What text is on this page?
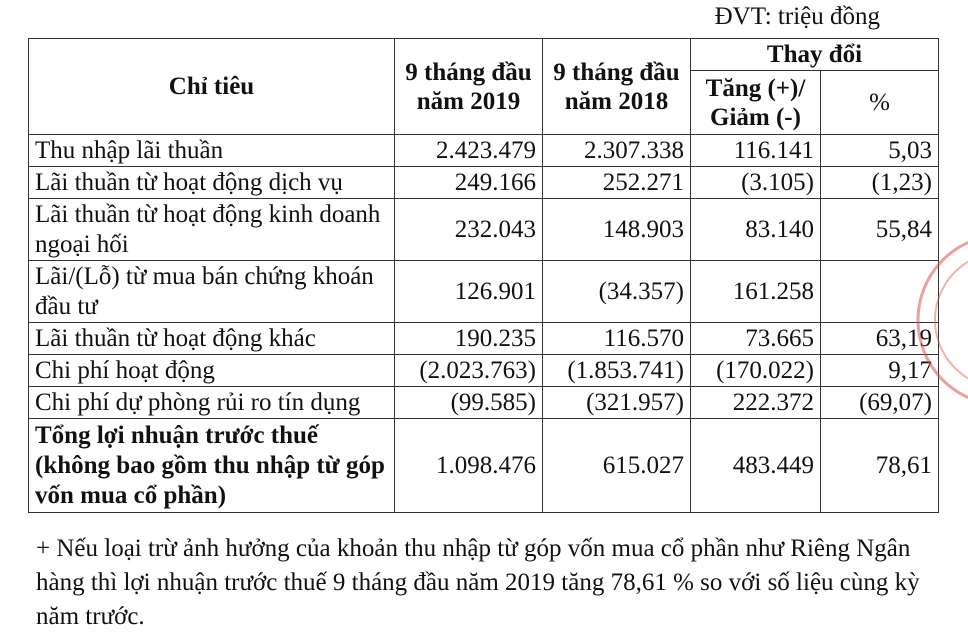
ĐVT: triệu đồng
Chỉ tiêu	9 tháng đầu năm 2019	9 tháng đầu năm 2018	Thay đổi	
			Tăng (+)/ Giảm (-)	%
Thu nhập lãi thuần	2.423.479	2.307.338	116.141	5,03
Lãi thuần từ hoạt động dịch vụ	249.166	252.271	(3.105)	(1,23)
Lãi thuần từ hoạt động kinh doanh ngoại hối	232.043	148.903	83.140	55,84
Lãi/(Lỗ) từ mua bán chứng khoán đầu tư	126.901	(34.357)	161.258	
Lãi thuần từ hoạt động khác	190.235	116.570	73.665	63,19
Chi phí hoạt động	(2.023.763)	(1.853.741)	(170.022)	9,17
Chi phí dự phòng rủi ro tín dụng	(99.585)	(321.957)	222.372	(69,07)
Tổng lợi nhuận trước thuế (không bao gồm thu nhập từ góp vốn mua cổ phần)	1.098.476	615.027	483.449	78,61
+ Nếu loại trừ ảnh hưởng của khoản thu nhập từ góp vốn mua cổ phần như Riêng Ngân hàng thì lợi nhuận trước thuế 9 tháng đầu năm 2019 tăng 78,61 % so với số liệu cùng kỳ năm trước.
